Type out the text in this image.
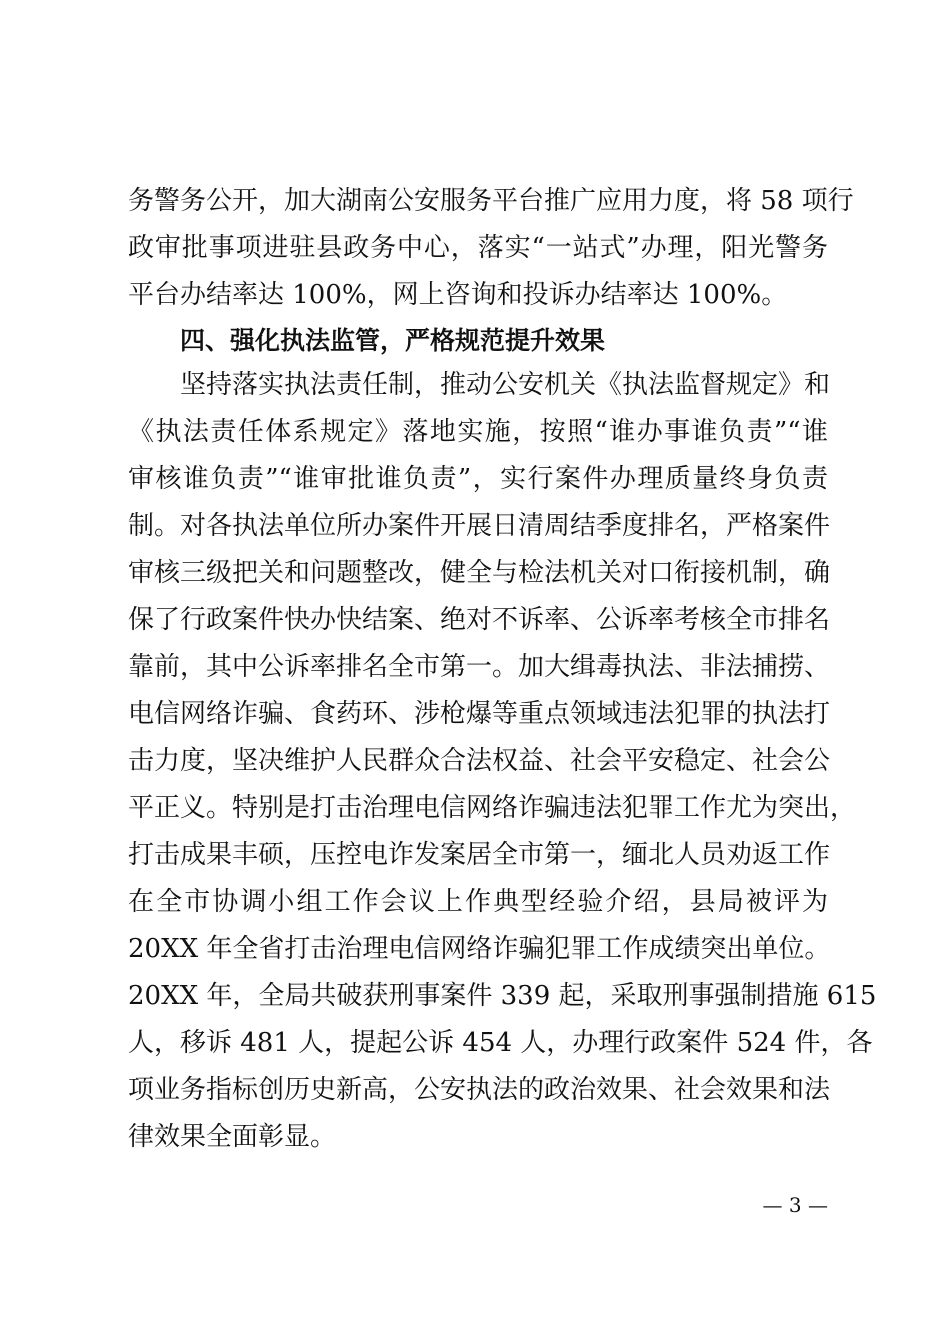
务警务公开，加大湖南公安服务平台推广应用力度，将 58 项行
政审批事项进驻县政务中心，落实“一站式”办理，阳光警务
平台办结率达 100%，网上咨询和投诉办结率达 100%。
四、强化执法监管，严格规范提升效果
坚持落实执法责任制，推动公安机关《执法监督规定》和
《执法责任体系规定》落地实施，按照“谁办事谁负责”“谁
审核谁负责”“谁审批谁负责”，实行案件办理质量终身负责
制。对各执法单位所办案件开展日清周结季度排名，严格案件
审核三级把关和问题整改，健全与检法机关对口衔接机制，确
保了行政案件快办快结案、绝对不诉率、公诉率考核全市排名
靠前，其中公诉率排名全市第一。加大缉毒执法、非法捕捞、
电信网络诈骗、食药环、涉枪爆等重点领域违法犯罪的执法打
击力度，坚决维护人民群众合法权益、社会平安稳定、社会公
平正义。特别是打击治理电信网络诈骗违法犯罪工作尤为突出，
打击成果丰硕，压控电诈发案居全市第一，缅北人员劝返工作
在全市协调小组工作会议上作典型经验介绍，县局被评为
20XX 年全省打击治理电信网络诈骗犯罪工作成绩突出单位。
20XX 年，全局共破获刑事案件 339 起，采取刑事强制措施 615
人，移诉 481 人，提起公诉 454 人，办理行政案件 524 件，各
项业务指标创历史新高，公安执法的政治效果、社会效果和法
律效果全面彰显。
— 3 —
